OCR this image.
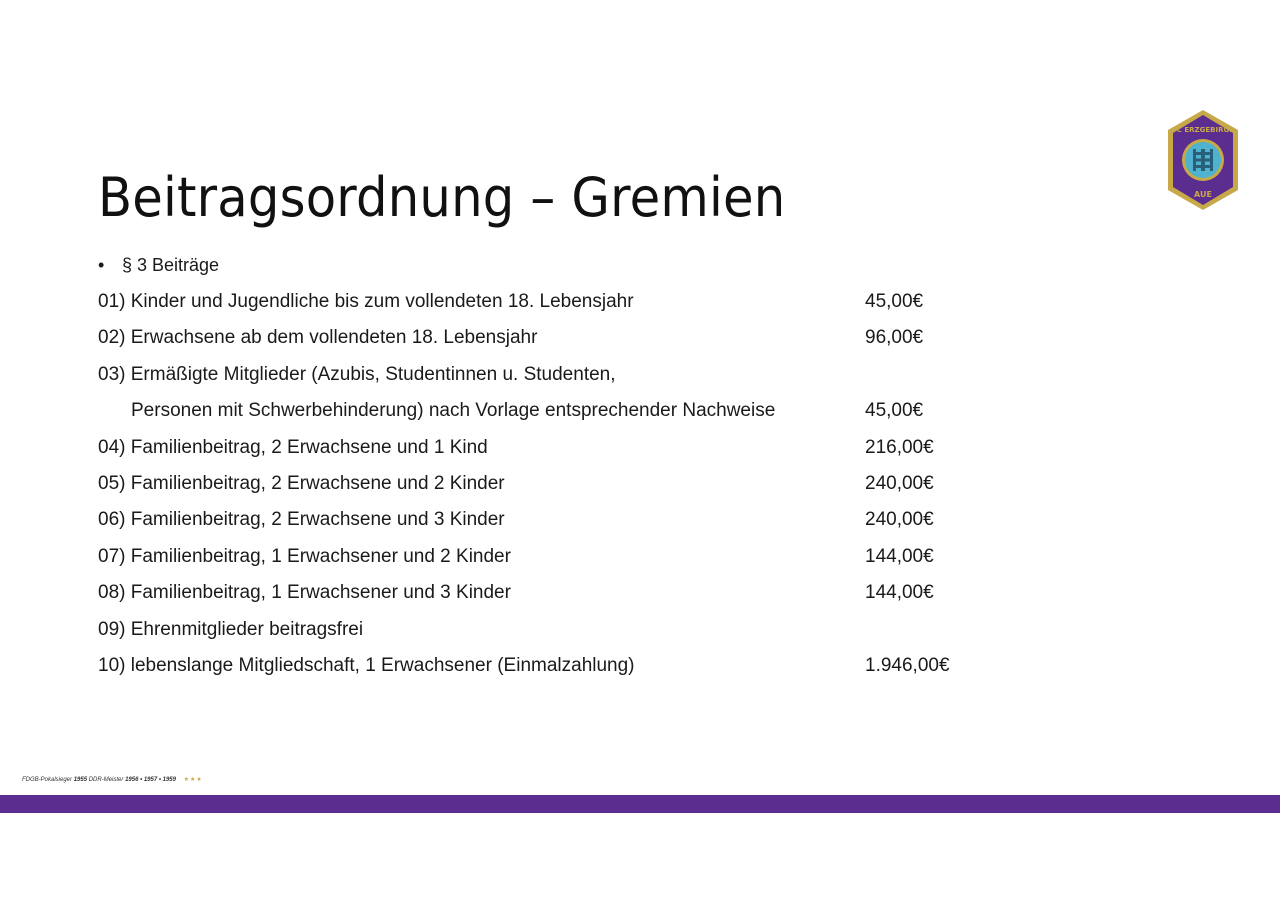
Beitragsordnung – Gremien
FC ERZGEBIRGE
AUE
• § 3 Beiträge
01) Kinder und Jugendliche bis zum vollendeten 18. Lebensjahr	45,00€
02) Erwachsene ab dem vollendeten 18. Lebensjahr	96,00€
03) Ermäßigte Mitglieder (Azubis, Studentinnen u. Studenten,
Personen mit Schwerbehinderung) nach Vorlage entsprechender Nachweise	45,00€
04) Familienbeitrag, 2 Erwachsene und 1 Kind	216,00€
05) Familienbeitrag, 2 Erwachsene und 2 Kinder	240,00€
06) Familienbeitrag, 2 Erwachsene und 3 Kinder	240,00€
07) Familienbeitrag, 1 Erwachsener und 2 Kinder	144,00€
08) Familienbeitrag, 1 Erwachsener und 3 Kinder	144,00€
09) Ehrenmitglieder beitragsfrei
10) lebenslange Mitgliedschaft, 1 Erwachsener (Einmalzahlung)	1.946,00€
FDGB-Pokalsieger 1955 DDR-Meister 1956 • 1957 • 1959 ★★★
